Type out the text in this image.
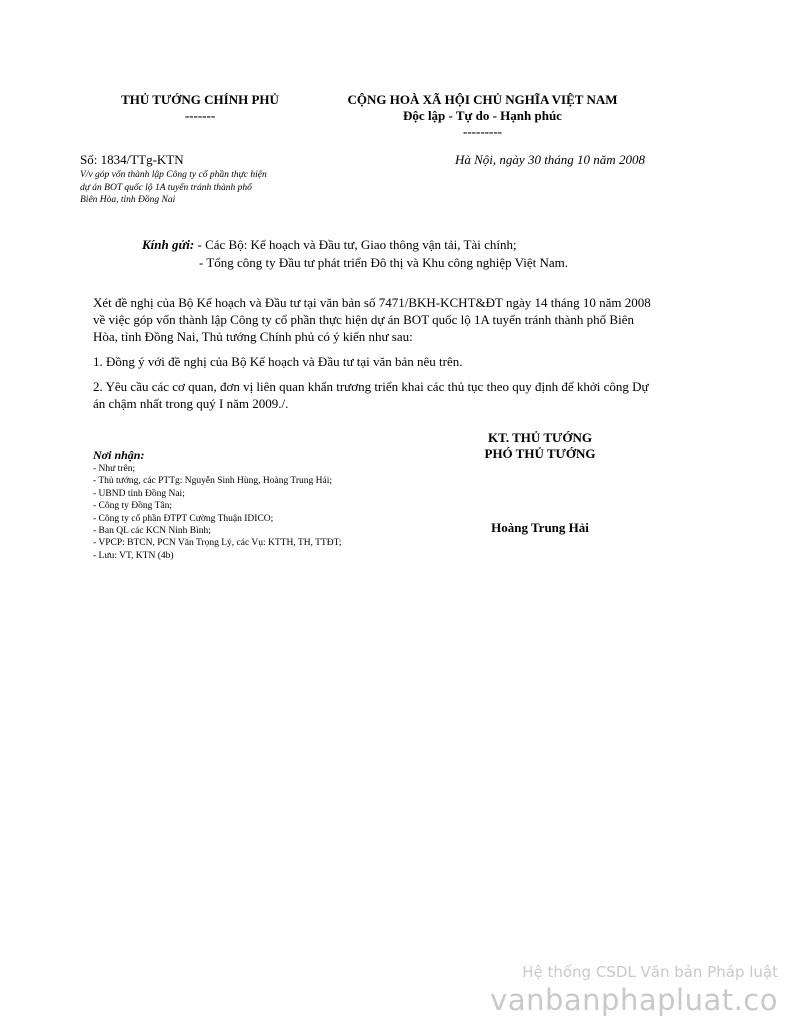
THỦ TƯỚNG CHÍNH PHỦ
-------
CỘNG HOÀ XÃ HỘI CHỦ NGHĨA VIỆT NAM
Độc lập - Tự do - Hạnh phúc
---------
Số: 1834/TTg-KTN
V/v góp vốn thành lập Công ty cổ phần thực hiện
dự án BOT quốc lộ 1A tuyến tránh thành phố
Biên Hòa, tỉnh Đồng Nai
Hà Nội, ngày 30 tháng 10 năm 2008
Kính gửi: - Các Bộ: Kế hoạch và Đầu tư, Giao thông vận tải, Tài chính;
- Tổng công ty Đầu tư phát triển Đô thị và Khu công nghiệp Việt Nam.

Xét đề nghị của Bộ Kế hoạch và Đầu tư tại văn bản số 7471/BKH-KCHT&ĐT ngày 14 tháng 10 năm 2008 về việc góp vốn thành lập Công ty cổ phần thực hiện dự án BOT quốc lộ 1A tuyến tránh thành phố Biên Hòa, tỉnh Đồng Nai, Thủ tướng Chính phủ có ý kiến như sau:

1. Đồng ý với đề nghị của Bộ Kế hoạch và Đầu tư tại văn bản nêu trên.

2. Yêu cầu các cơ quan, đơn vị liên quan khẩn trương triển khai các thủ tục theo quy định để khởi công Dự án chậm nhất trong quý I năm 2009./.

KT. THỦ TƯỚNG
PHÓ THỦ TƯỚNG
Hoàng Trung Hải
Nơi nhận:
- Như trên;
- Thủ tướng, các PTTg: Nguyễn Sinh Hùng, Hoàng Trung Hải;
- UBND tỉnh Đồng Nai;
- Công ty Đồng Tân;
- Công ty cổ phần ĐTPT Cường Thuận IDICO;
- Ban QL các KCN Ninh Bình;
- VPCP: BTCN, PCN Văn Trọng Lý, các Vụ: KTTH, TH, TTĐT;
- Lưu: VT, KTN (4b)
Hệ thống CSDL Văn bản Pháp luật
vanbanphapluat.co
